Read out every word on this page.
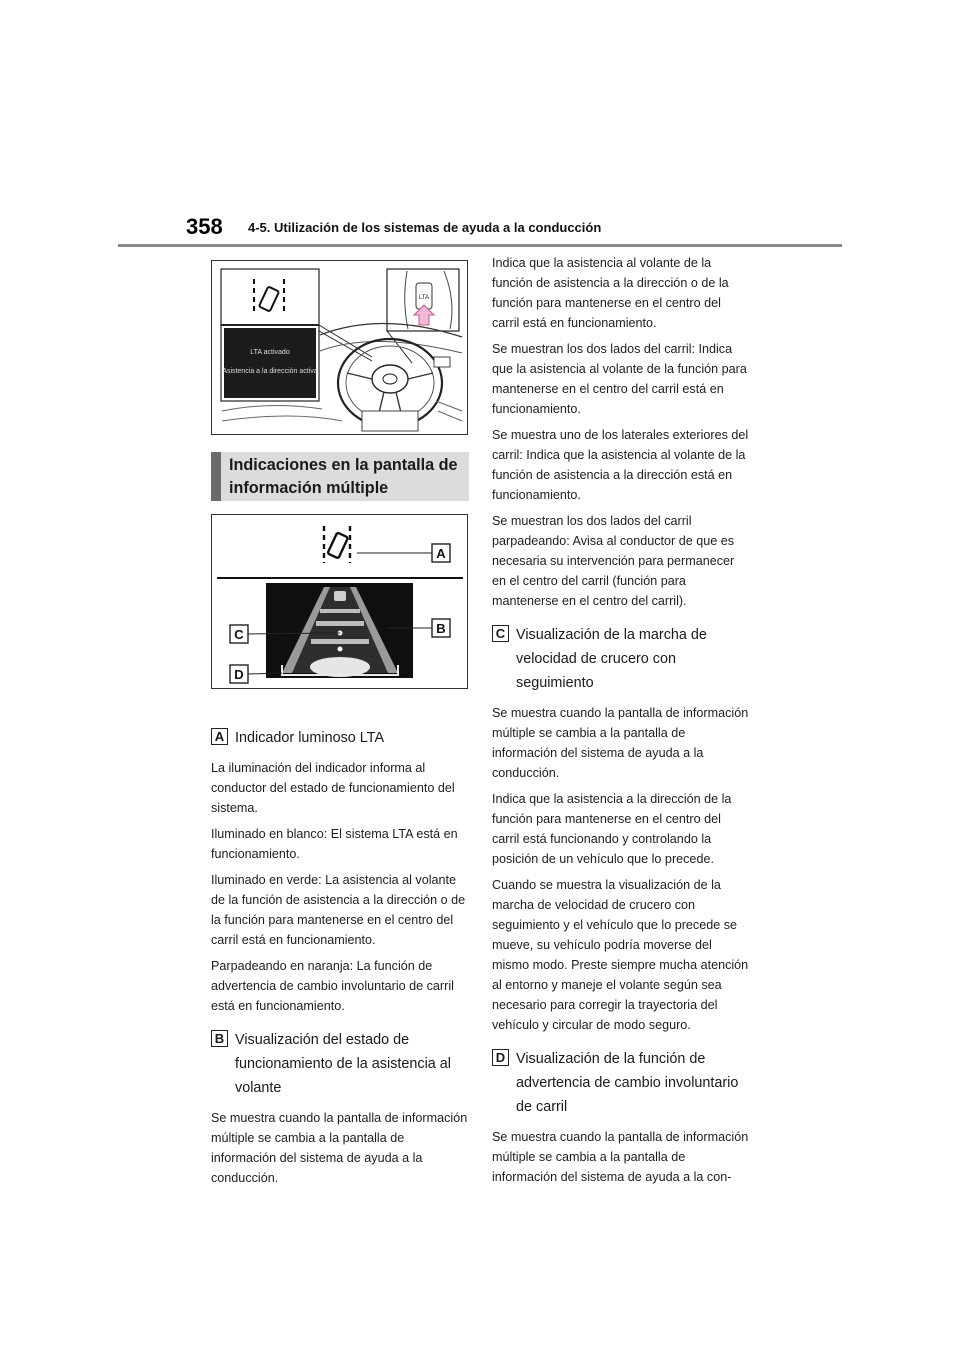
358 4-5. Utilización de los sistemas de ayuda a la conducción
LTA activado
Asistencia a la dirección activa
LTA
Indicaciones en la pantalla de
información múltiple
A
B
C
D
A Indicador luminoso LTA

La iluminación del indicador informa al conductor del estado de funcionamiento del sistema.

Iluminado en blanco: El sistema LTA está en funcionamiento.

Iluminado en verde: La asistencia al volante de la función de asistencia a la dirección o de la función para mantenerse en el centro del carril está en funcionamiento.

Parpadeando en naranja: La función de advertencia de cambio involuntario de carril está en funcionamiento.

B Visualización del estado de funcionamiento de la asistencia al volante

Se muestra cuando la pantalla de información múltiple se cambia a la pantalla de información del sistema de ayuda a la conducción.

Indica que la asistencia al volante de la función de asistencia a la dirección o de la función para mantenerse en el centro del carril está en funcionamiento.

Se muestran los dos lados del carril: Indica que la asistencia al volante de la función para mantenerse en el centro del carril está en funcionamiento.

Se muestra uno de los laterales exteriores del carril: Indica que la asistencia al volante de la función de asistencia a la dirección está en funcionamiento.

Se muestran los dos lados del carril parpadeando: Avisa al conductor de que es necesaria su intervención para permanecer en el centro del carril (función para mantenerse en el centro del carril).

C Visualización de la marcha de velocidad de crucero con seguimiento

Se muestra cuando la pantalla de información múltiple se cambia a la pantalla de información del sistema de ayuda a la conducción.

Indica que la asistencia a la dirección de la función para mantenerse en el centro del carril está funcionando y controlando la posición de un vehículo que lo precede.

Cuando se muestra la visualización de la marcha de velocidad de crucero con seguimiento y el vehículo que lo precede se mueve, su vehículo podría moverse del mismo modo. Preste siempre mucha atención al entorno y maneje el volante según sea necesario para corregir la trayectoria del vehículo y circular de modo seguro.

D Visualización de la función de advertencia de cambio involuntario de carril

Se muestra cuando la pantalla de información múltiple se cambia a la pantalla de información del sistema de ayuda a la con-
